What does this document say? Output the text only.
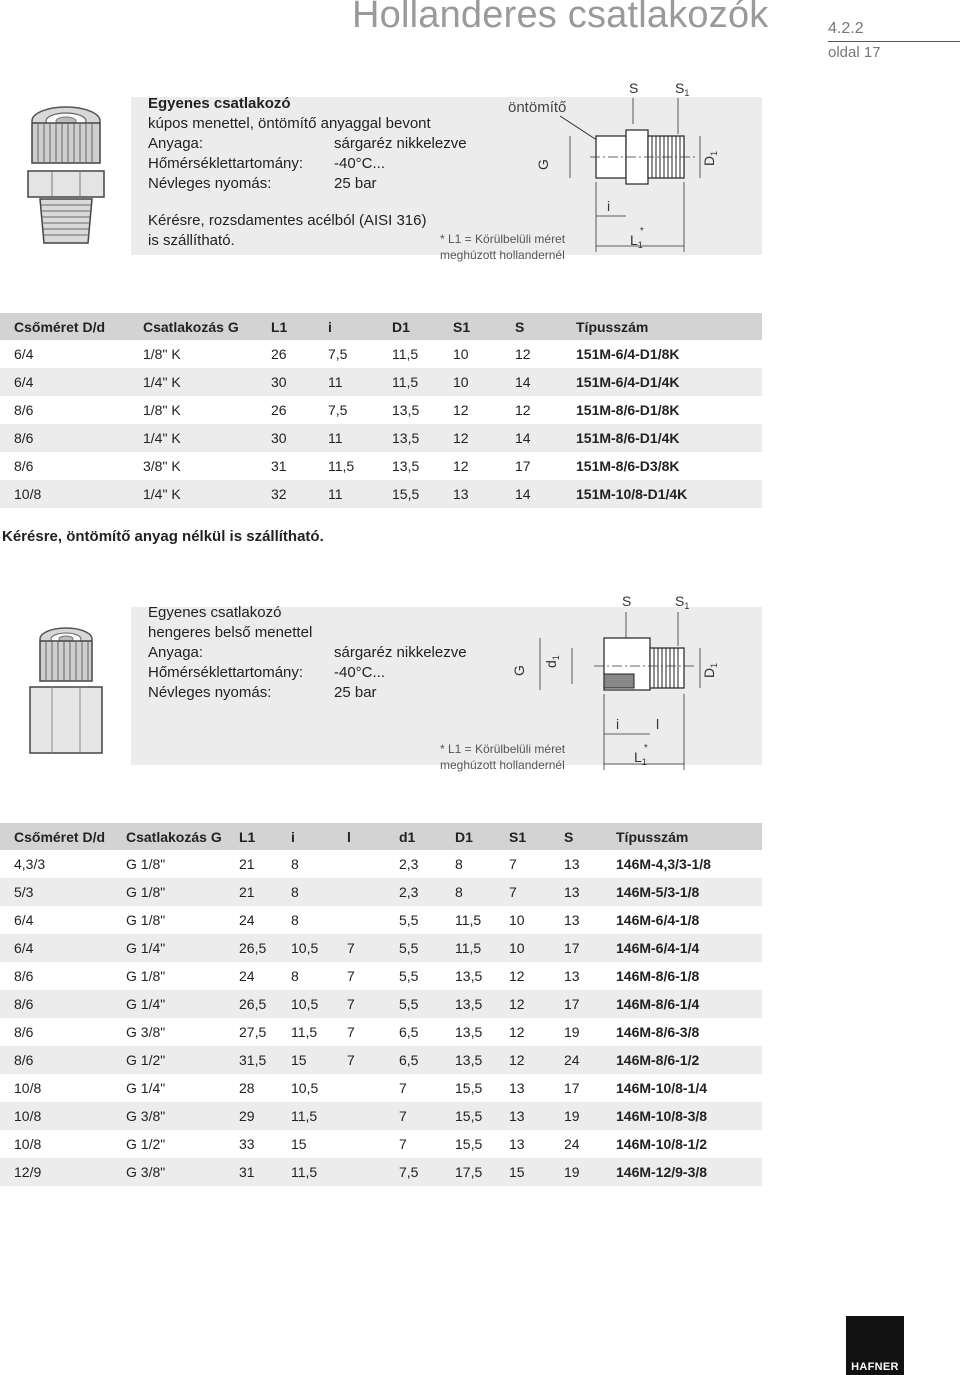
Hollanderes csatlakozók	4.2.2
oldal 17
Egyenes csatlakozó
kúpos menettel, öntömítő anyaggal bevont
Anyaga:	sárgaréz nikkelezve
Hőmérséklettartomány: -40°C...
Névleges nyomás:	25 bar
Kérésre, rozsdamentes acélból (AISI 316)
is szállítható.	* L1 = Körülbelüli méret
meghúzott hollandernél
öntömítő
S	$S_1$
G	$D_1$
i
$L_1*$
Csőméret D/d	Csatlakozás G	L1	i	D1	S1	S	Típusszám
6/4	1/8" K	26	7,5	11,5	10	12	151M-6/4-D1/8K
6/4	1/4" K	30	11	11,5	10	14	151M-6/4-D1/4K
8/6	1/8" K	26	7,5	13,5	12	12	151M-8/6-D1/8K
8/6	1/4" K	30	11	13,5	12	14	151M-8/6-D1/4K
8/6	3/8" K	31	11,5	13,5	12	17	151M-8/6-D3/8K
10/8	1/4" K	32	11	15,5	13	14	151M-10/8-D1/4K
Kérésre, öntömítő anyag nélkül is szállítható.
Egyenes csatlakozó
hengeres belső menettel
Anyaga:	sárgaréz nikkelezve
Hőmérséklettartomány: -40°C...
Névleges nyomás:	25 bar
* L1 = Körülbelüli méret
meghúzott hollandernél
S	$S_1$
G
$d_1$
$D_1$
i	l
$L_1*$
Csőméret D/d	Csatlakozás G	L1	i	l	d1	D1	S1	S	Típusszám
4,3/3	G 1/8"	21	8		2,3	8	7	13	146M-4,3/3-1/8
5/3	G 1/8"	21	8		2,3	8	7	13	146M-5/3-1/8
6/4	G 1/8"	24	8		5,5	11,5	10	13	146M-6/4-1/8
6/4	G 1/4"	26,5	10,5	7	5,5	11,5	10	17	146M-6/4-1/4
8/6	G 1/8"	24	8	7	5,5	13,5	12	13	146M-8/6-1/8
8/6	G 1/4"	26,5	10,5	7	5,5	13,5	12	17	146M-8/6-1/4
8/6	G 3/8"	27,5	11,5	7	6,5	13,5	12	19	146M-8/6-3/8
8/6	G 1/2"	31,5	15	7	6,5	13,5	12	24	146M-8/6-1/2
10/8	G 1/4"	28	10,5		7	15,5	13	17	146M-10/8-1/4
10/8	G 3/8"	29	11,5		7	15,5	13	19	146M-10/8-3/8
10/8	G 1/2"	33	15		7	15,5	13	24	146M-10/8-1/2
12/9	G 3/8"	31	11,5		7,5	17,5	15	19	146M-12/9-3/8
HAFNER
